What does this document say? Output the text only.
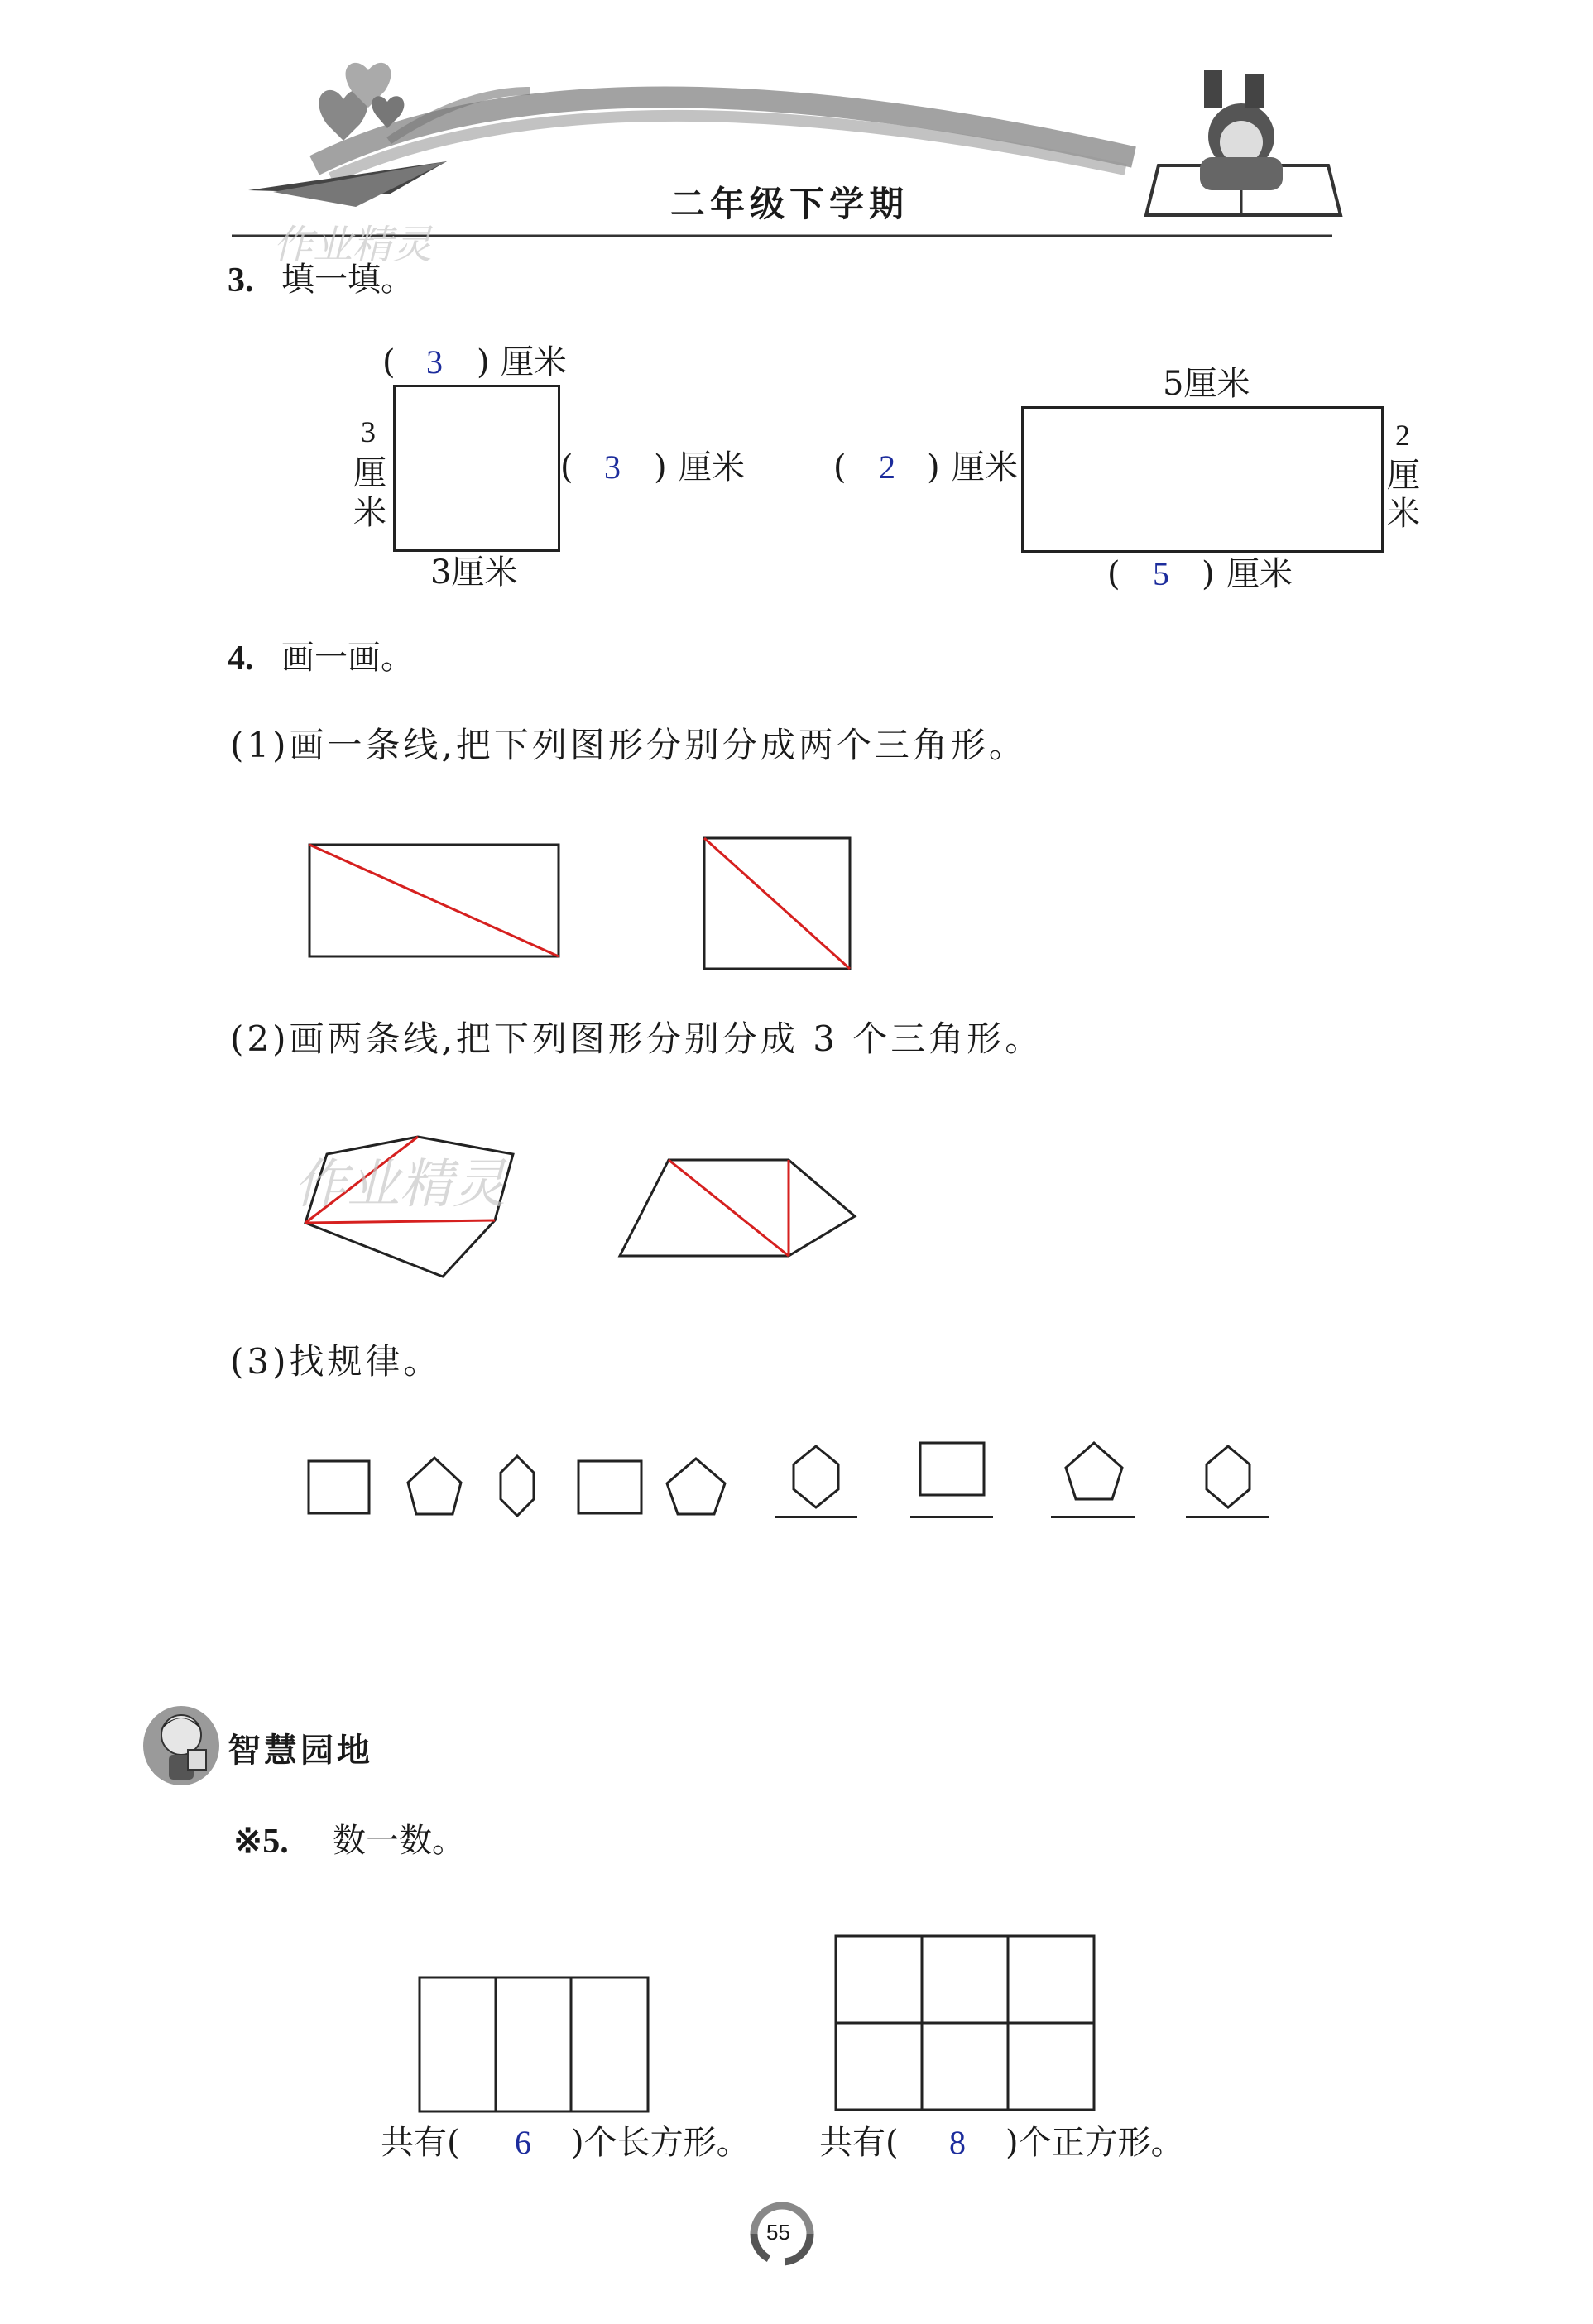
二年级下学期
作业精灵
3. 填一填。
( 3 ) 厘米
3
厘
米
( 3 ) 厘米
3厘米
5厘米
( 2 ) 厘米
2
厘
米
( 5 ) 厘米
4. 画一画。
(1)画一条线,把下列图形分别分成两个三角形。
作业精灵
(2)画两条线,把下列图形分别分成 3 个三角形。
(3)找规律。
智慧园地
※5. 数一数。
共有( 6 )个长方形。 共有( 8 )个正方形。
55
